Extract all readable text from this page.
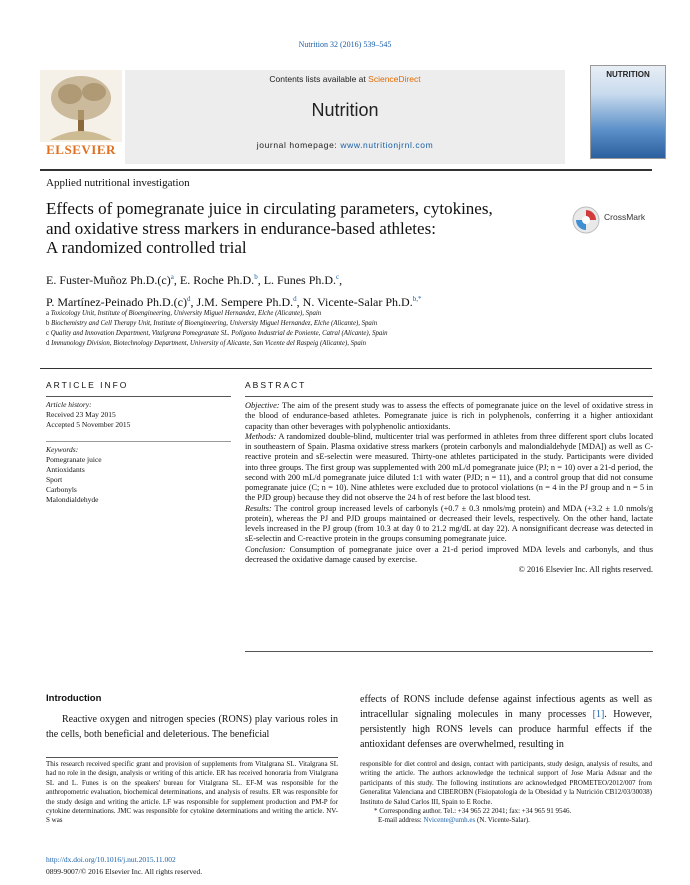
Nutrition 32 (2016) 539–545
ELSEVIER
Contents lists available at ScienceDirect
Nutrition
journal homepage: www.nutritionjrnl.com
NUTRITION
Applied nutritional investigation
Effects of pomegranate juice in circulating parameters, cytokines,
and oxidative stress markers in endurance-based athletes:
A randomized controlled trial
CrossMark
E. Fuster-Muñoz $Ph.D.(c)^a$, E. Roche Ph.D.$^b$, L. Funes Ph.D.$^c$,
P. Martínez-Peinado $Ph.D.(c)^d$, J.M. Sempere Ph.D.$^d$, N. Vicente-Salar Ph.D.$^{b,*}$
a Toxicology Unit, Institute of Bioengineering, University Miguel Hernandez, Elche (Alicante), Spain
b Biochemistry and Cell Therapy Unit, Institute of Bioengineering, University Miguel Hernandez, Elche (Alicante), Spain
c Quality and Innovation Department, Vitalgrana Pomegranate SL. Polígono Industrial de Poniente, Catral (Alicante), Spain
d Immunology Division, Biotechnology Department, University of Alicante, San Vicente del Raspeig (Alicante), Spain
ARTICLE INFO	ABSTRACT
Article history:
Received 23 May 2015
Accepted 5 November 2015
Keywords:
Pomegranate juice
Antioxidants
Sport
Carbonyls
Malondialdehyde
Objective: The aim of the present study was to assess the effects of pomegranate juice on the level of oxidative stress in the blood of endurance-based athletes. Pomegranate juice is rich in polyphenols, conferring it a higher antioxidant capacity than other beverages with polyphenolic antioxidants.
Methods: A randomized double-blind, multicenter trial was performed in athletes from three different sport clubs located in southeastern of Spain. Plasma oxidative stress markers (protein carbonyls and malondialdehyde [MDA]) as well as C-reactive protein and sE-selectin were measured. Thirty-one athletes participated in the study. Participants were divided into three groups. The first group was supplemented with 200 mL/d pomegranate juice (PJ; n = 10) over a 21-d period, the second with 200 mL/d pomegranate juice diluted 1:1 with water (PJD; n = 11), and a control group that did not consume pomegranate juice (C; n = 10). Nine athletes were excluded due to protocol violations (n = 4 in the PJ group and n = 5 in the PJD group) because they did not observe the 24 h of rest before the last blood test.
Results: The control group increased levels of carbonyls (+0.7 ± 0.3 nmols/mg protein) and MDA (+3.2 ± 1.0 nmols/g protein), whereas the PJ and PJD groups maintained or decreased their levels, respectively. On the other hand, lactate levels increased in the PJ group (from 10.3 at day 0 to 21.2 mg/dL at day 22). A nonsignificant decrease was detected in sE-selectin and C-reactive protein in the groups consuming pomegranate juice.
Conclusion: Consumption of pomegranate juice over a 21-d period improved MDA levels and carbonyls, and thus decreased the oxidative damage caused by exercise.
© 2016 Elsevier Inc. All rights reserved.
Introduction
Reactive oxygen and nitrogen species (RONS) play various roles in the cells, both beneficial and deleterious. The beneficial
effects of RONS include defense against infectious agents as well as intracellular signaling molecules in many processes [1]. However, persistently high RONS levels can produce harmful effects if the antioxidant defenses are overwhelmed, resulting in
This research received specific grant and provision of supplements from Vitalgrana SL. Vitalgrana SL had no role in the design, analysis or writing of this article. ER has received honoraria from Vitalgrana SL and L. Funes is on the speakers' bureau for Vitalgrana SL. EF-M was responsible for the anthropometric evaluation, biochemical determinations, and analysis of results. ER was responsible for the study design and writing the article. LF was responsible for supplement production and PM-P for cytokine determinations. JMC was responsible for cytokine determinations and writing the article. NV-S was
responsible for diet control and design, contact with participants, study design, analysis of results, and writing the article. The authors acknowledge the technical support of Jose Maria Adsuar and the participants of this study. The following institutions are acknowledged PROMETEO/2012/007 from Generalitat Valenciana and CIBEROBN (Fisiopatología de la Obesidad y la Nutrición CB12/03/30038) Instituto de Salud Carlos III, Spain to E Roche.
* Corresponding author. Tel.: +34 965 22 2041; fax: +34 965 91 9546.
E-mail address: Nvicente@umh.es (N. Vicente-Salar).
http://dx.doi.org/10.1016/j.nut.2015.11.002
0899-9007/© 2016 Elsevier Inc. All rights reserved.
